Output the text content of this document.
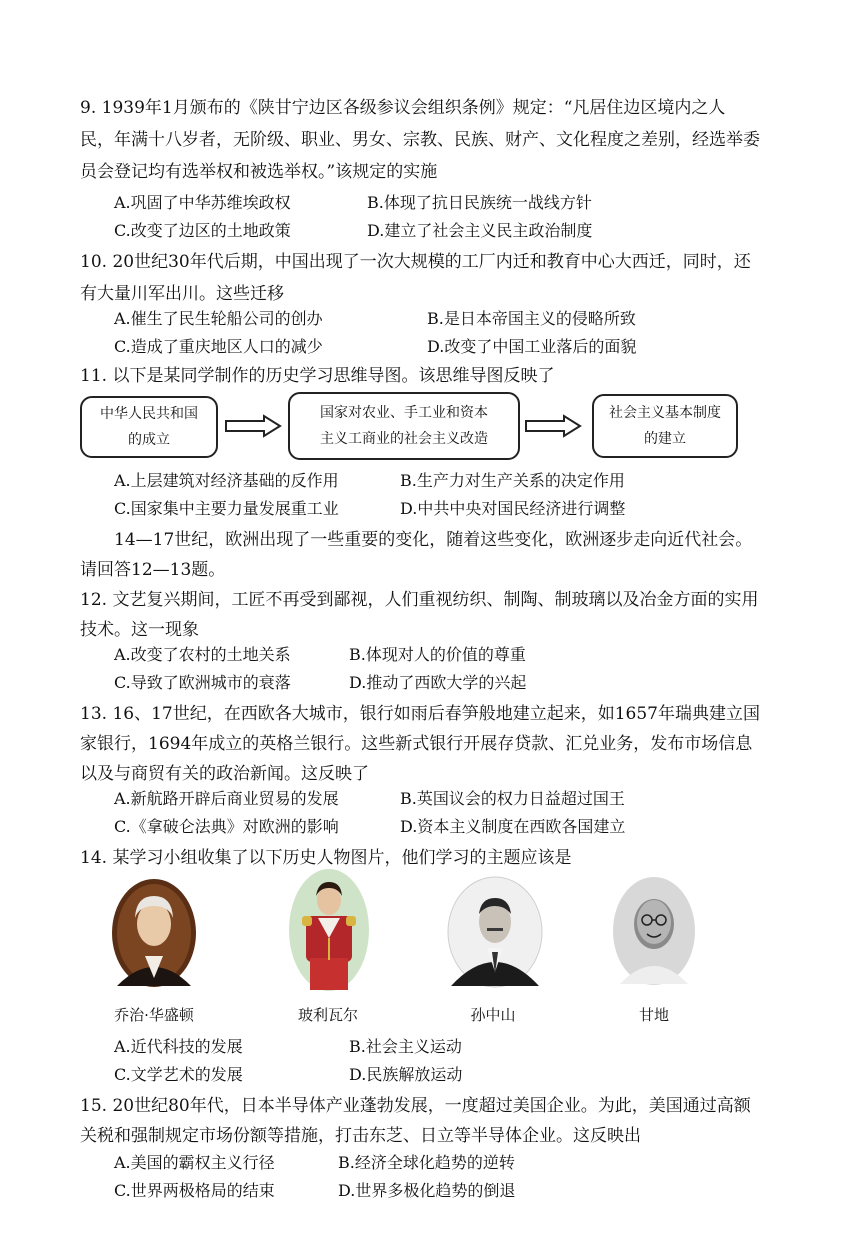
9. 1939年1月颁布的《陕甘宁边区各级参议会组织条例》规定：“凡居住边区境内之人
民，年满十八岁者，无阶级、职业、男女、宗教、民族、财产、文化程度之差别，经选举委
员会登记均有选举权和被选举权。”该规定的实施
A.巩固了中华苏维埃政权	B.体现了抗日民族统一战线方针
C.改变了边区的土地政策	D.建立了社会主义民主政治制度
10. 20世纪30年代后期，中国出现了一次大规模的工厂内迁和教育中心大西迁，同时，还
有大量川军出川。这些迁移
A.催生了民生轮船公司的创办	B.是日本帝国主义的侵略所致
C.造成了重庆地区人口的减少	D.改变了中国工业落后的面貌
11. 以下是某同学制作的历史学习思维导图。该思维导图反映了
中华人民共和国
的成立
国家对农业、手工业和资本
主义工商业的社会主义改造
社会主义基本制度
的建立
A.上层建筑对经济基础的反作用	B.生产力对生产关系的决定作用
C.国家集中主要力量发展重工业	D.中共中央对国民经济进行调整
14—17世纪，欧洲出现了一些重要的变化，随着这些变化，欧洲逐步走向近代社会。
请回答12—13题。
12. 文艺复兴期间，工匠不再受到鄙视，人们重视纺织、制陶、制玻璃以及冶金方面的实用
技术。这一现象
A.改变了农村的土地关系	B.体现对人的价值的尊重
C.导致了欧洲城市的衰落	D.推动了西欧大学的兴起
13. 16、17世纪，在西欧各大城市，银行如雨后春笋般地建立起来，如1657年瑞典建立国
家银行，1694年成立的英格兰银行。这些新式银行开展存贷款、汇兑业务，发布市场信息
以及与商贸有关的政治新闻。这反映了
A.新航路开辟后商业贸易的发展	B.英国议会的权力日益超过国王
C.《拿破仑法典》对欧洲的影响	D.资本主义制度在西欧各国建立
14. 某学习小组收集了以下历史人物图片，他们学习的主题应该是
乔治·华盛顿	玻利瓦尔	孙中山	甘地
A.近代科技的发展	B.社会主义运动
C.文学艺术的发展	D.民族解放运动
15. 20世纪80年代，日本半导体产业蓬勃发展，一度超过美国企业。为此，美国通过高额
关税和强制规定市场份额等措施，打击东芝、日立等半导体企业。这反映出
A.美国的霸权主义行径	B.经济全球化趋势的逆转
C.世界两极格局的结束	D.世界多极化趋势的倒退
